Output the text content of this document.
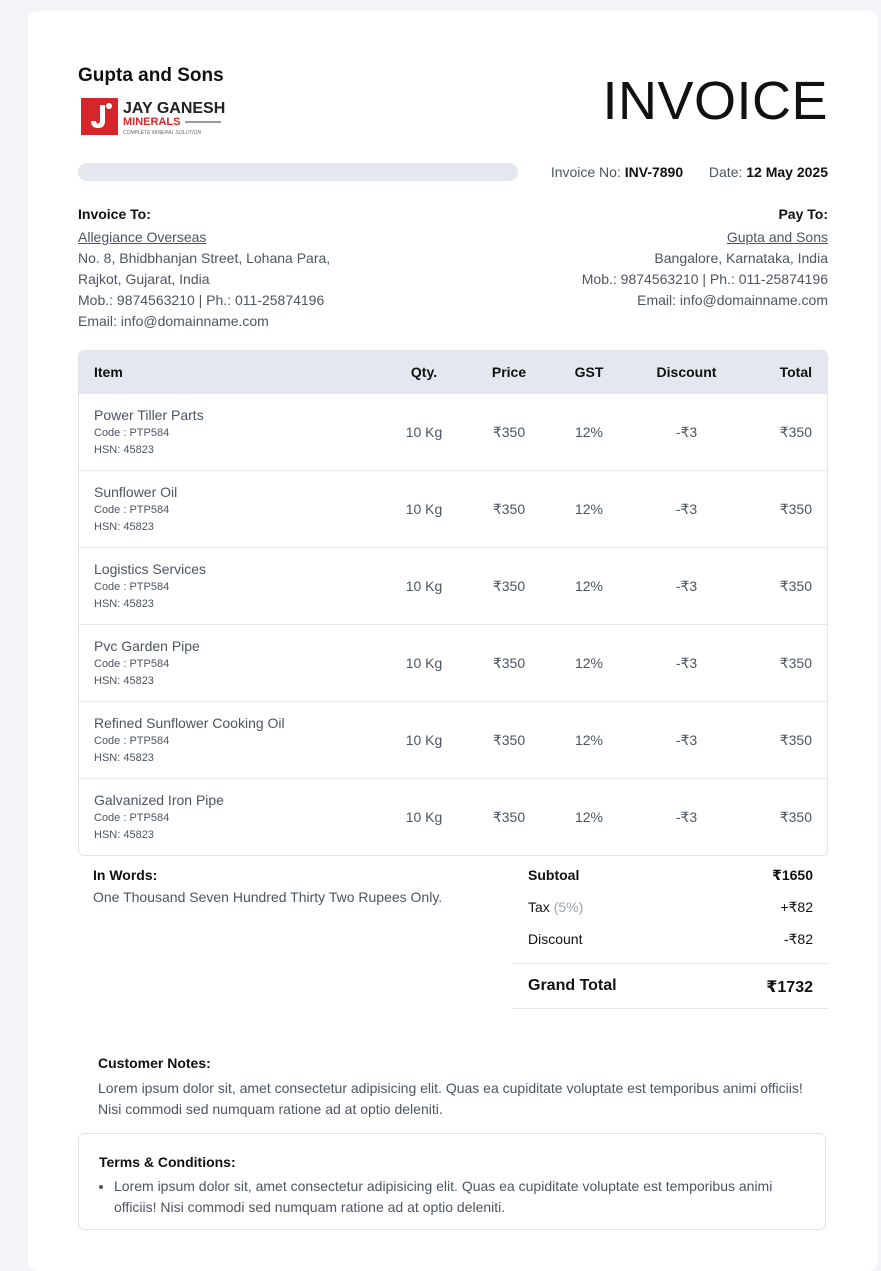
Gupta and Sons
JAY GANESH
MINERALS
COMPLETE MINERAL SOLUTION
INVOICE
Invoice No: INV-7890 Date: 12 May 2025
Invoice To:
Allegiance Overseas
No. 8, Bhidbhanjan Street, Lohana Para,
Rajkot, Gujarat, India
Mob.: 9874563210 | Ph.: 011-25874196
Email: info@domainname.com
Pay To:
Gupta and Sons
Bangalore, Karnataka, India
Mob.: 9874563210 | Ph.: 011-25874196
Email: info@domainname.com
Item	Qty.	Price	GST	Discount	Total
Power Tiller Parts
Code : PTP584
HSN: 45823
10 Kg	₹350	12%	-₹3	₹350
Sunflower Oil
Code : PTP584
HSN: 45823
10 Kg	₹350	12%	-₹3	₹350
Logistics Services
Code : PTP584
HSN: 45823
10 Kg	₹350	12%	-₹3	₹350
Pvc Garden Pipe
Code : PTP584
HSN: 45823
10 Kg	₹350	12%	-₹3	₹350
Refined Sunflower Cooking Oil
Code : PTP584
HSN: 45823
10 Kg	₹350	12%	-₹3	₹350
Galvanized Iron Pipe
Code : PTP584
HSN: 45823
10 Kg	₹350	12%	-₹3	₹350
In Words:
One Thousand Seven Hundred Thirty Two Rupees Only.
Subtoal	₹1650
Tax (5%)	+₹82
Discount	-₹82
Grand Total	₹1732
Customer Notes:
Lorem ipsum dolor sit, amet consectetur adipisicing elit. Quas ea cupiditate voluptate est temporibus animi officiis! Nisi commodi sed numquam ratione ad at optio deleniti.
Terms & Conditions:
• Lorem ipsum dolor sit, amet consectetur adipisicing elit. Quas ea cupiditate voluptate est temporibus animi officiis! Nisi commodi sed numquam ratione ad at optio deleniti.
